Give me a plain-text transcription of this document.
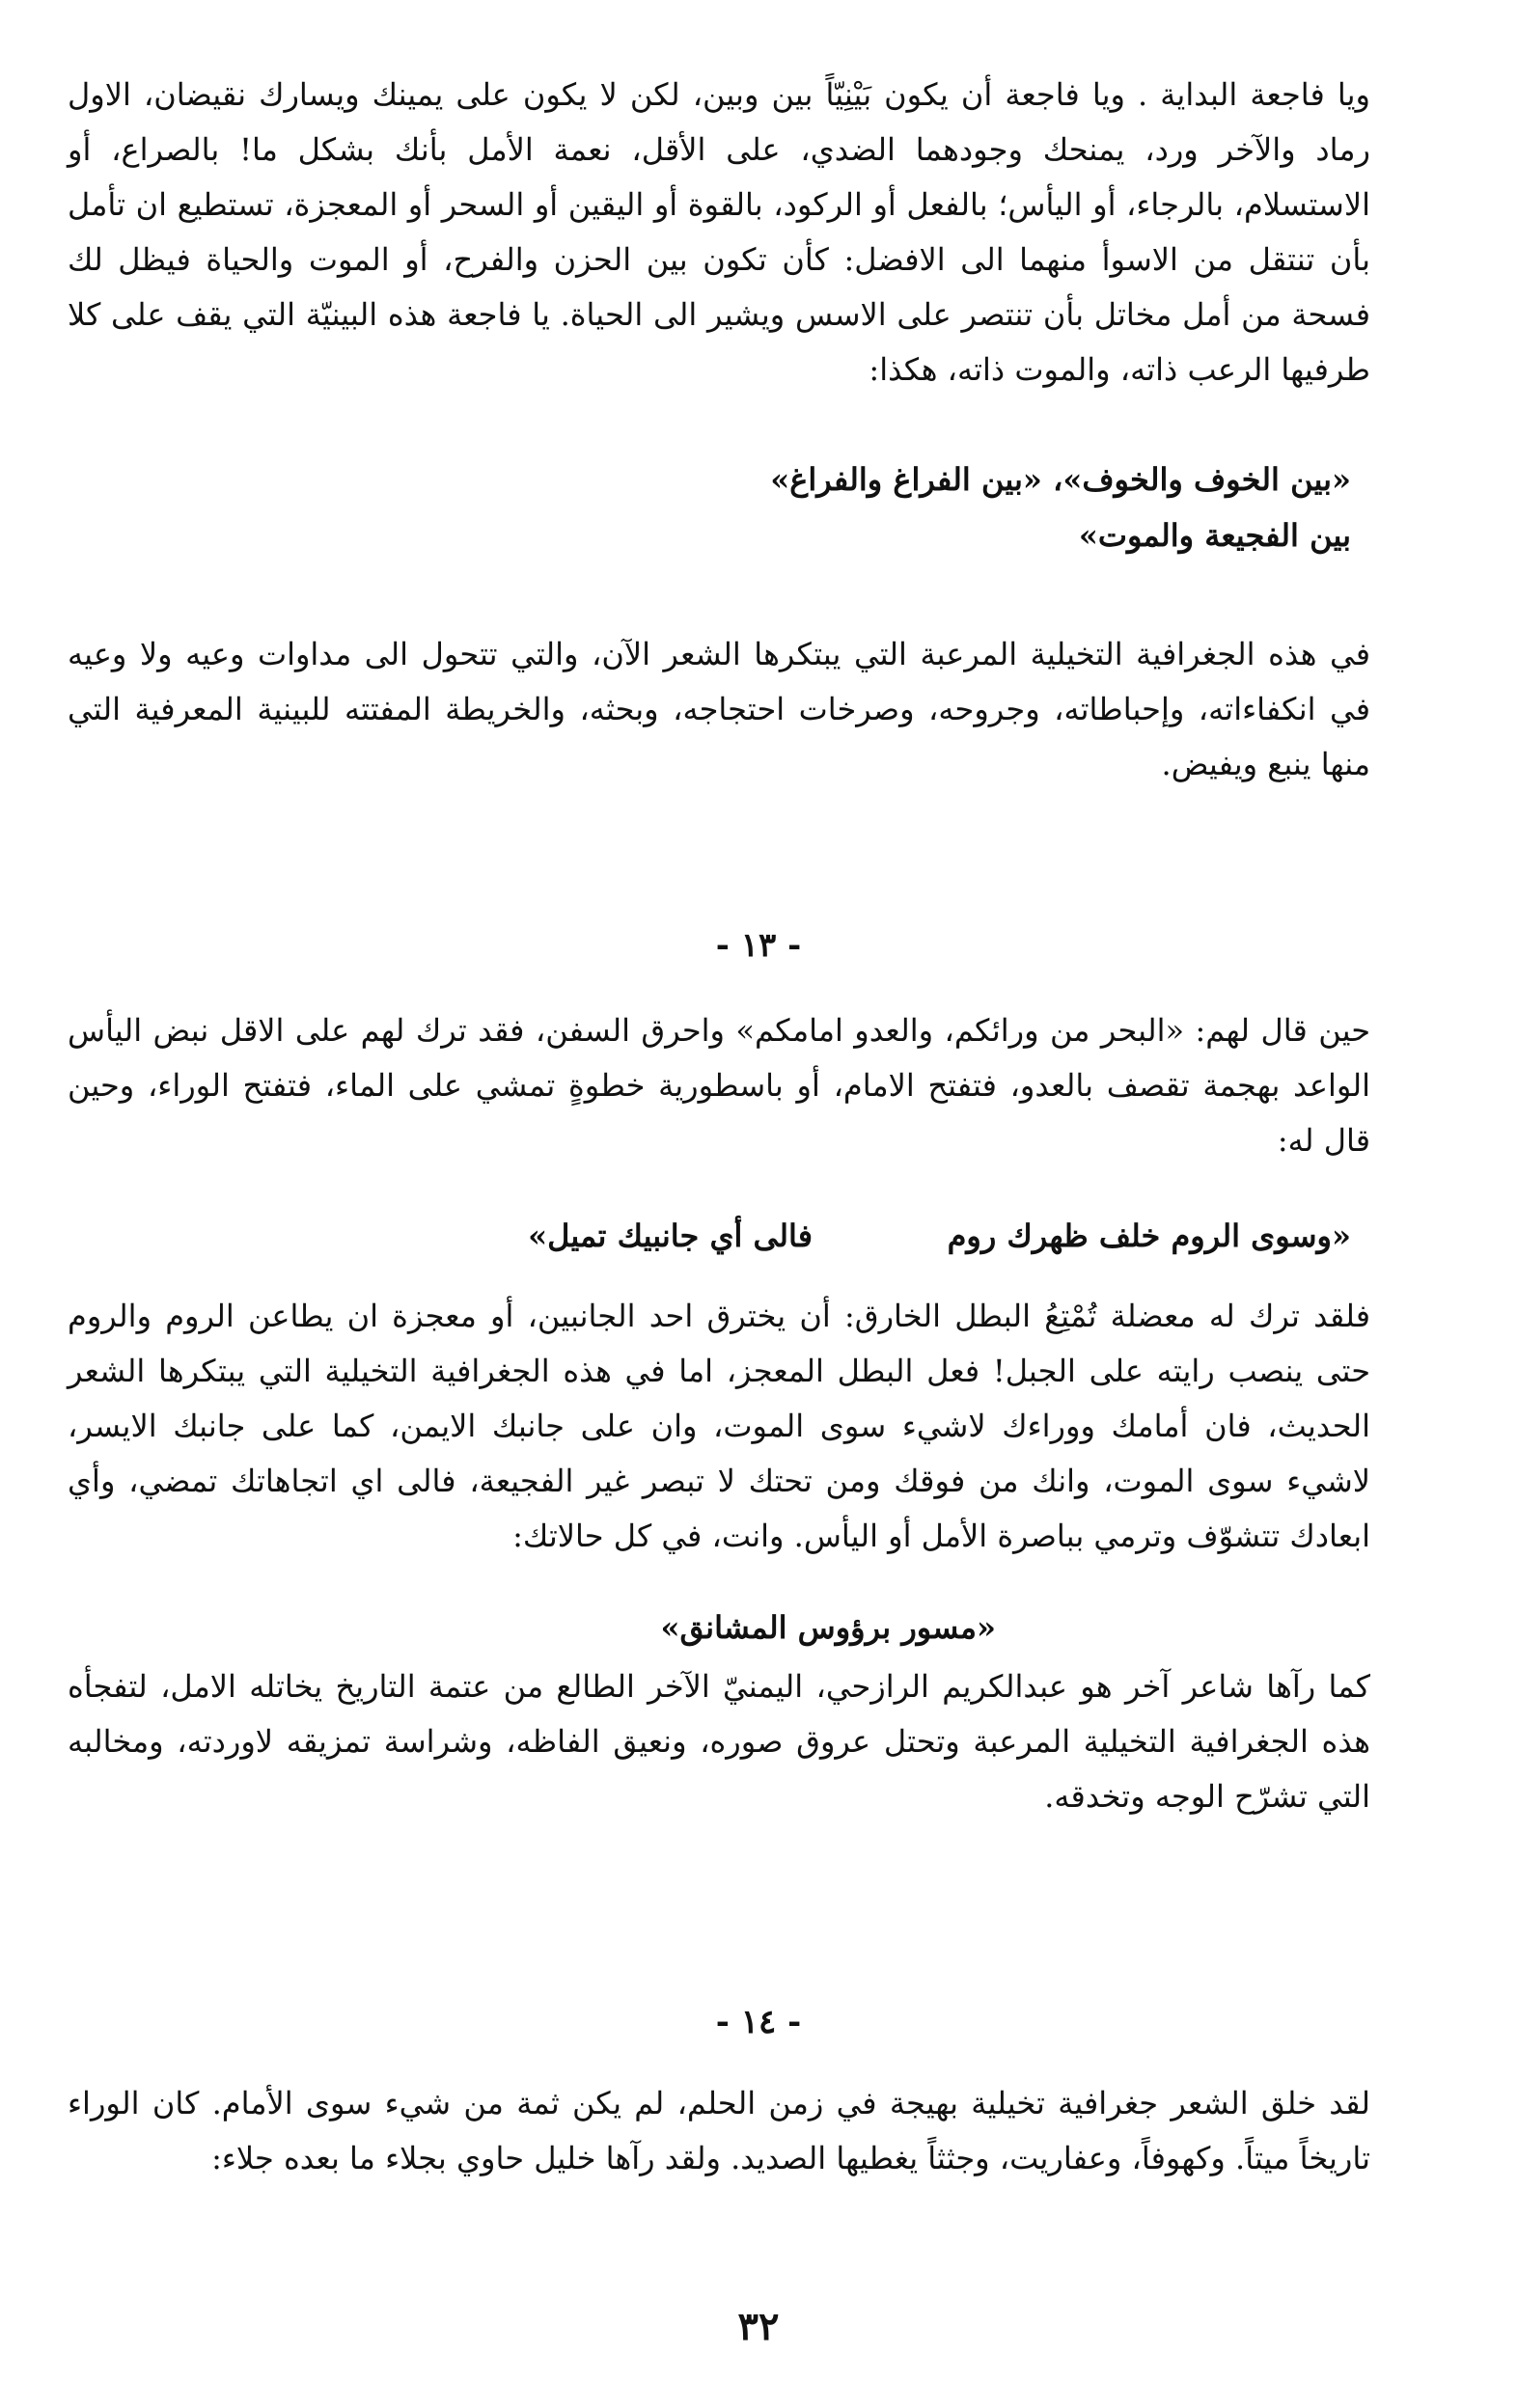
ويا فاجعة البداية . ويا فاجعة أن يكون بَيْنِيّاً بين وبين، لكن لا يكون على يمينك ويسارك نقيضان، الاول رماد والآخر ورد، يمنحك وجودهما الضدي، على الأقل، نعمة الأمل بأنك بشكل ما! بالصراع، أو الاستسلام، بالرجاء، أو اليأس؛ بالفعل أو الركود، بالقوة أو اليقين أو السحر أو المعجزة، تستطيع ان تأمل بأن تنتقل من الاسوأ منهما الى الافضل: كأن تكون بين الحزن والفرح، أو الموت والحياة فيظل لك فسحة من أمل مخاتل بأن تنتصر على الاسس ويشير الى الحياة. يا فاجعة هذه البينيّة التي يقف على كلا طرفيها الرعب ذاته، والموت ذاته، هكذا:

«بين الخوف والخوف»، «بين الفراغ والفراغ»

بين الفجيعة والموت»

في هذه الجغرافية التخيلية المرعبة التي يبتكرها الشعر الآن، والتي تتحول الى مداوات وعيه ولا وعيه في انكفاءاته، وإحباطاته، وجروحه، وصرخات احتجاجه، وبحثه، والخريطة المفتته للبينية المعرفية التي منها ينبع ويفيض.

- ١٣ -

حين قال لهم: «البحر من ورائكم، والعدو امامكم» واحرق السفن، فقد ترك لهم على الاقل نبض اليأس الواعد بهجمة تقصف بالعدو، فتفتح الامام، أو باسطورية خطوةٍ تمشي على الماء، فتفتح الوراء، وحين قال له:

«وسوى الروم خلف ظهرك روم

فالى أي جانبيك تميل»

فلقد ترك له معضلة تُمْتِعُ البطل الخارق: أن يخترق احد الجانبين، أو معجزة ان يطاعن الروم والروم حتى ينصب رايته على الجبل! فعل البطل المعجز، اما في هذه الجغرافية التخيلية التي يبتكرها الشعر الحديث، فان أمامك ووراءك لاشيء سوى الموت، وان على جانبك الايمن، كما على جانبك الايسر، لاشيء سوى الموت، وانك من فوقك ومن تحتك لا تبصر غير الفجيعة، فالى اي اتجاهاتك تمضي، وأي ابعادك تتشوّف وترمي بباصرة الأمل أو اليأس. وانت، في كل حالاتك:

«مسور برؤوس المشانق»

كما رآها شاعر آخر هو عبدالكريم الرازحي، اليمنيّ الآخر الطالع من عتمة التاريخ يخاتله الامل، لتفجأه هذه الجغرافية التخيلية المرعبة وتحتل عروق صوره، ونعيق الفاظه، وشراسة تمزيقه لاوردته، ومخالبه التي تشرّح الوجه وتخدقه.

- ١٤ -

لقد خلق الشعر جغرافية تخيلية بهيجة في زمن الحلم، لم يكن ثمة من شيء سوى الأمام. كان الوراء تاريخاً ميتاً. وكهوفاً، وعفاريت، وجثثاً يغطيها الصديد. ولقد رآها خليل حاوي بجلاء ما بعده جلاء:

٣٢
